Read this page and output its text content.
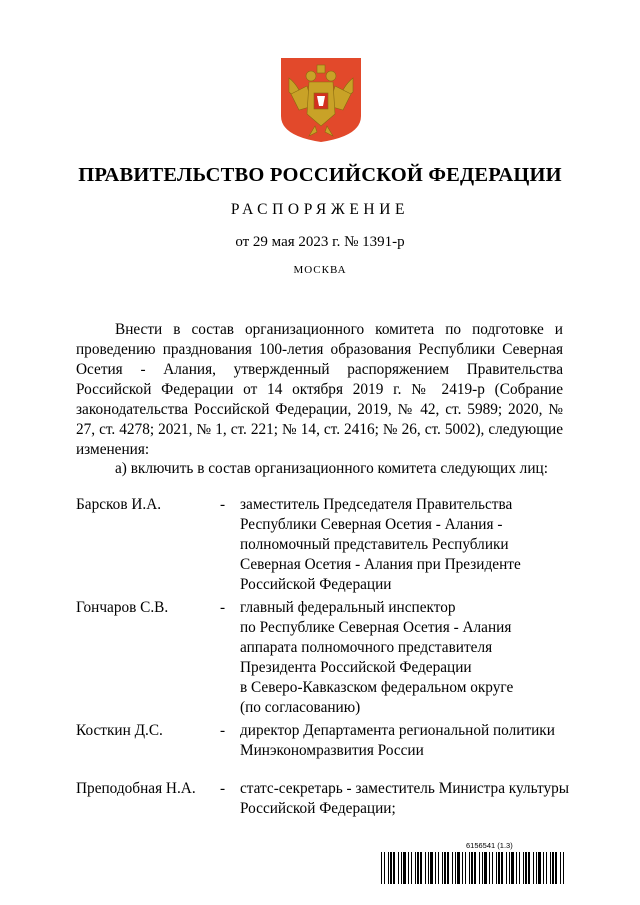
ПРАВИТЕЛЬСТВО РОССИЙСКОЙ ФЕДЕРАЦИИ
РАСПОРЯЖЕНИЕ
от 29 мая 2023 г. № 1391-р
МОСКВА
Внести в состав организационного комитета по подготовке и проведению празднования 100-летия образования Республики Северная Осетия - Алания, утвержденный распоряжением Правительства Российской Федерации от 14 октября 2019 г. № 2419-р (Собрание законодательства Российской Федерации, 2019, № 42, ст. 5989; 2020, № 27, ст. 4278; 2021, № 1, ст. 221; № 14, ст. 2416; № 26, ст. 5002), следующие изменения:
а) включить в состав организационного комитета следующих лиц:
Барсков И.А.	- заместитель Председателя Правительства
Республики Северная Осетия - Алания -
полномочный представитель Республики
Северная Осетия - Алания при Президенте
Российской Федерации
Гончаров С.В.	- главный федеральный инспектор
по Республике Северная Осетия - Алания
аппарата полномочного представителя
Президента Российской Федерации
в Северо-Кавказском федеральном округе
(по согласованию)
Косткин Д.С.	- директор Департамента региональной политики
Минэкономразвития России
Преподобная Н.А. - статс-секретарь - заместитель Министра культуры
Российской Федерации;
6156541 (1.3)
